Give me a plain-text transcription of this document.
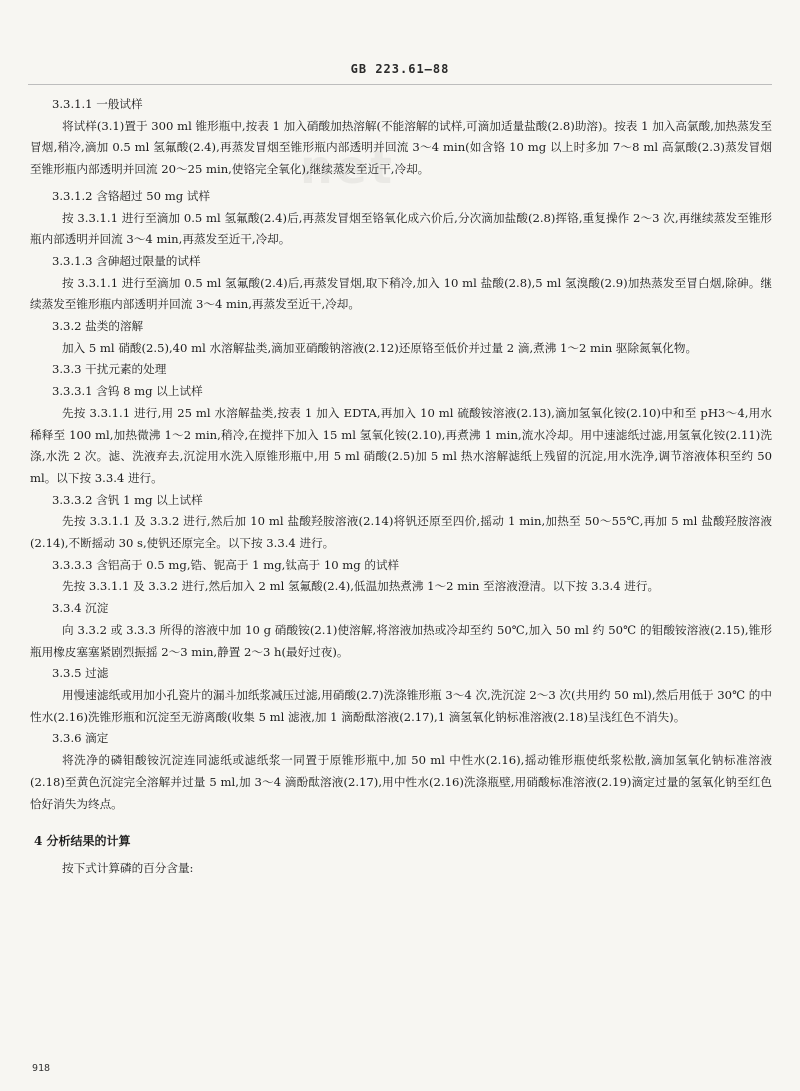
GB 223.61—88
net
3.3.1.1 一般试样
将试样(3.1)置于 300 ml 锥形瓶中,按表 1 加入硝酸加热溶解(不能溶解的试样,可滴加适量盐酸(2.8)助溶)。按表 1 加入高氯酸,加热蒸发至冒烟,稍冷,滴加 0.5 ml 氢氟酸(2.4),再蒸发冒烟至锥形瓶内部透明并回流 3～4 min(如含铬 10 mg 以上时多加 7～8 ml 高氯酸(2.3)蒸发冒烟至锥形瓶内部透明并回流 20～25 min,使铬完全氧化),继续蒸发至近干,冷却。
3.3.1.2 含铬超过 50 mg 试样
按 3.3.1.1 进行至滴加 0.5 ml 氢氟酸(2.4)后,再蒸发冒烟至铬氧化成六价后,分次滴加盐酸(2.8)挥铬,重复操作 2～3 次,再继续蒸发至锥形瓶内部透明并回流 3～4 min,再蒸发至近干,冷却。
3.3.1.3 含砷超过限量的试样
按 3.3.1.1 进行至滴加 0.5 ml 氢氟酸(2.4)后,再蒸发冒烟,取下稍冷,加入 10 ml 盐酸(2.8),5 ml 氢溴酸(2.9)加热蒸发至冒白烟,除砷。继续蒸发至锥形瓶内部透明并回流 3～4 min,再蒸发至近干,冷却。
3.3.2 盐类的溶解
加入 5 ml 硝酸(2.5),40 ml 水溶解盐类,滴加亚硝酸钠溶液(2.12)还原铬至低价并过量 2 滴,煮沸 1～2 min 驱除氮氧化物。
3.3.3 干扰元素的处理
3.3.3.1 含钨 8 mg 以上试样
先按 3.3.1.1 进行,用 25 ml 水溶解盐类,按表 1 加入 EDTA,再加入 10 ml 硫酸铵溶液(2.13),滴加氢氧化铵(2.10)中和至 pH3～4,用水稀释至 100 ml,加热微沸 1～2 min,稍冷,在搅拌下加入 15 ml 氢氧化铵(2.10),再煮沸 1 min,流水冷却。用中速滤纸过滤,用氢氧化铵(2.11)洗涤,水洗 2 次。滤、洗液弃去,沉淀用水洗入原锥形瓶中,用 5 ml 硝酸(2.5)加 5 ml 热水溶解滤纸上残留的沉淀,用水洗净,调节溶液体积至约 50 ml。以下按 3.3.4 进行。
3.3.3.2 含钒 1 mg 以上试样
先按 3.3.1.1 及 3.3.2 进行,然后加 10 ml 盐酸羟胺溶液(2.14)将钒还原至四价,摇动 1 min,加热至 50～55℃,再加 5 ml 盐酸羟胺溶液(2.14),不断摇动 30 s,使钒还原完全。以下按 3.3.4 进行。
3.3.3.3 含铝高于 0.5 mg,锆、铌高于 1 mg,钛高于 10 mg 的试样
先按 3.3.1.1 及 3.3.2 进行,然后加入 2 ml 氢氟酸(2.4),低温加热煮沸 1～2 min 至溶液澄清。以下按 3.3.4 进行。
3.3.4 沉淀
向 3.3.2 或 3.3.3 所得的溶液中加 10 g 硝酸铵(2.1)使溶解,将溶液加热或冷却至约 50℃,加入 50 ml 约 50℃ 的钼酸铵溶液(2.15),锥形瓶用橡皮塞塞紧剧烈振摇 2～3 min,静置 2～3 h(最好过夜)。
3.3.5 过滤
用慢速滤纸或用加小孔瓷片的漏斗加纸浆减压过滤,用硝酸(2.7)洗涤锥形瓶 3～4 次,洗沉淀 2～3 次(共用约 50 ml),然后用低于 30℃ 的中性水(2.16)洗锥形瓶和沉淀至无游离酸(收集 5 ml 滤液,加 1 滴酚酞溶液(2.17),1 滴氢氧化钠标准溶液(2.18)呈浅红色不消失)。
3.3.6 滴定
将洗净的磷钼酸铵沉淀连同滤纸或滤纸浆一同置于原锥形瓶中,加 50 ml 中性水(2.16),摇动锥形瓶使纸浆松散,滴加氢氧化钠标准溶液(2.18)至黄色沉淀完全溶解并过量 5 ml,加 3～4 滴酚酞溶液(2.17),用中性水(2.16)洗涤瓶壁,用硝酸标准溶液(2.19)滴定过量的氢氧化钠至红色恰好消失为终点。
4 分析结果的计算
按下式计算磷的百分含量:
918
